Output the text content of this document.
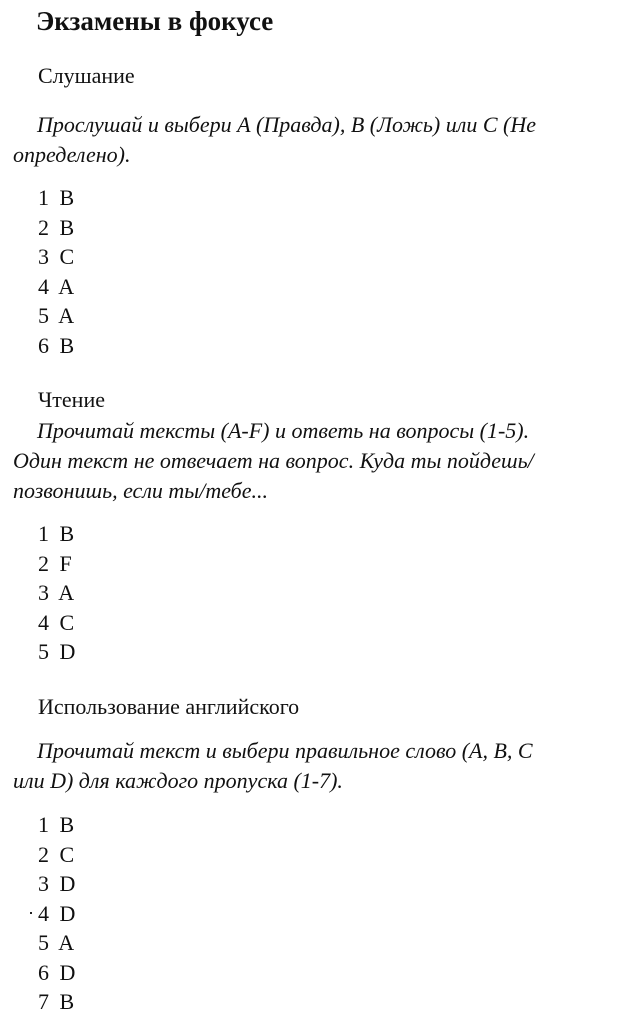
Экзамены в фокусе
Слушание

Прослушай и выбери А (Правда), В (Ложь) или С (Не
определено).

1 B
2 B
3 C
4 A
5 A
6 B
Чтение

Прочитай тексты (A-F) и ответь на вопросы (1-5).
Один текст не отвечает на вопрос. Куда ты пойдешь/
позвонишь, если ты/тебе...

1 B
2 F
3 A
4 C
5 D
Использование английского

Прочитай текст и выбери правильное слово (А, В, С
или D) для каждого пропуска (1-7).

1 B
2 C
3 D
4 D
5 A
6 D
7 B
